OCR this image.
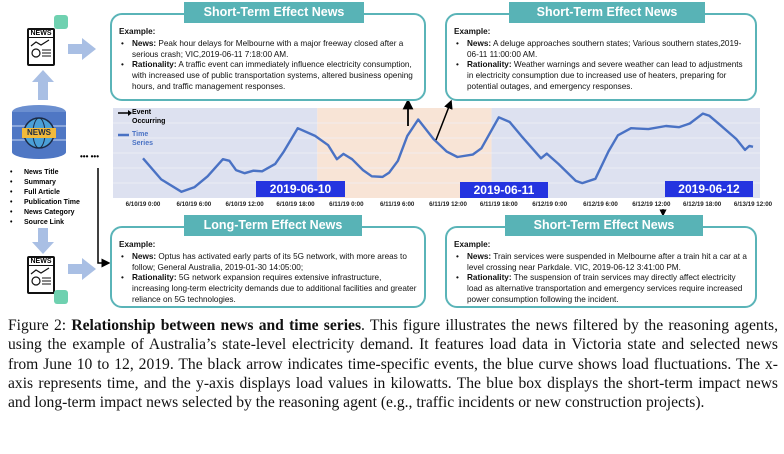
NEWS
NEWS
• News Title
• Summary
• Full Article
• Publication Time
• News Category
• Source Link
••• •••
NEWS
Event
Occurring
Time
Series
2019-06-10	2019-06-11	2019-06-12
6/10/19 0:00	6/10/19 6:00 6/10/19 12:00 6/10/19 18:00 6/11/19 0:00	6/11/19 6:00 6/11/19 12:00 6/11/19 18:00 6/12/19 0:00	6/12/19 6:00 6/12/19 12:00 6/12/19 18:00 6/13/19 12:00
Example:
• News: Peak hour delays for Melbourne with a major freeway closed after a serious crash; VIC,2019-06-11 7:18:00 AM.
• Rationality: A traffic event can immediately influence electricity consumption, with increased use of public transportation systems, altered business opening hours, and traffic management responses.
Short-Term Effect News
Example:
• News: A deluge approaches southern states; Various southern states,2019-06-11 11:00:00 AM.
• Rationality: Weather warnings and severe weather can lead to adjustments in electricity consumption due to increased use of heaters, preparing for potential outages, and emergency responses.
Short-Term Effect News
Example:
• News: Optus has activated early parts of its 5G network, with more areas to follow; General Australia, 2019-01-30 14:05:00;
• Rationality: 5G network expansion requires extensive infrastructure, increasing long-term electricity demands due to additional facilities and greater reliance on 5G technologies.
Long-Term Effect News
Example:
• News: Train services were suspended in Melbourne after a train hit a car at a level crossing near Parkdale. VIC, 2019-06-12 3:41:00 PM.
• Rationality: The suspension of train services may directly affect electricity load as alternative transportation and emergency services require increased power consumption following the incident.
Short-Term Effect News
Figure 2: Relationship between news and time series. This figure illustrates the news filtered by the reasoning agents, using the example of Australia’s state-level electricity demand. It features load data in Victoria state and selected news from June 10 to 12, 2019. The black arrow indicates time-specific events, the blue curve shows load fluctuations. The x-axis represents time, and the y-axis displays load values in kilowatts. The blue box displays the short-term impact news and long-term impact news selected by the reasoning agent (e.g., traffic incidents or new construction projects).
